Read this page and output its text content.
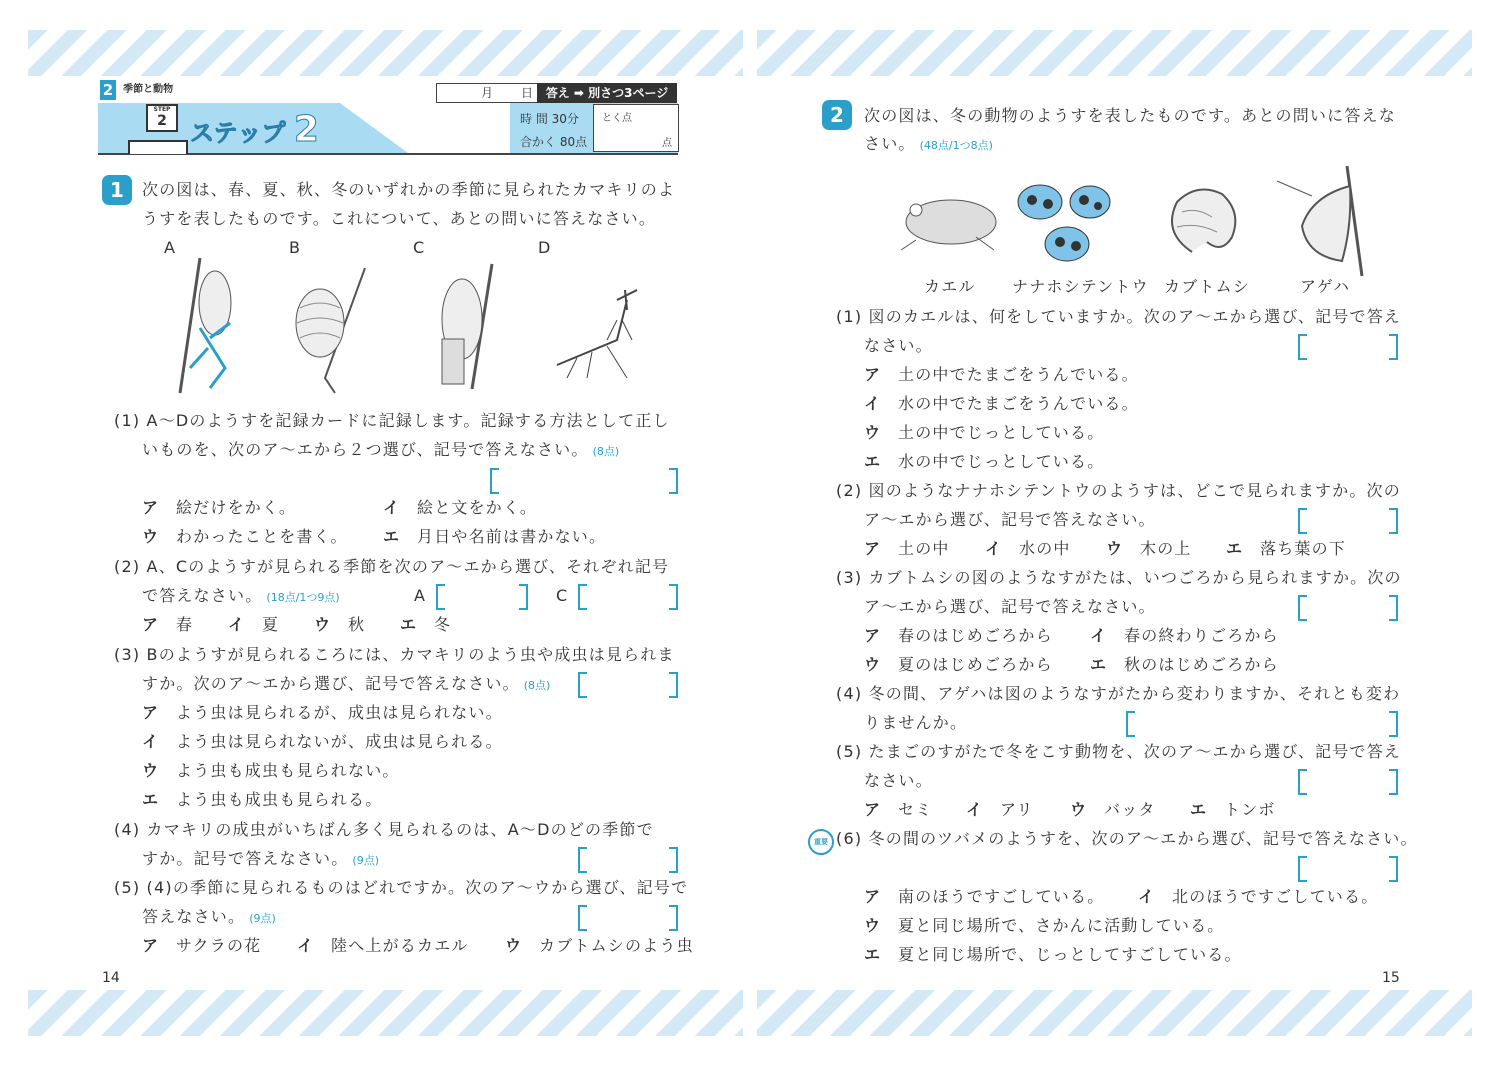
2 $^{季節と動物}$	月 日	答え ➡ 別さつ3ページ
STEP
2 ステップ 2	時 間 30分
合かく 80点
とく点
点
1	次の図は、春、夏、秋、冬のいずれかの季節に見られたカマキリのよ
うすを表したものです。これについて、あとの問いに答えなさい。
A	B	C	D
(1) A～Dのようすを記録カードに記録します。記録する方法として正し
いものを、次のア～エから２つ選び、記号で答えなさい。 (8点)
ア 絵だけをかく。	イ 絵と文をかく。
ウ わかったことを書く。 エ 月日や名前は書かない。
(2) A、Cのようすが見られる季節を次のア～エから選び、それぞれ記号
で答えなさい。 (18点/1つ9点)	A	C
ア 春 イ 夏 ウ 秋 エ 冬
(3) Bのようすが見られるころには、カマキリのよう虫や成虫は見られま
すか。次のア～エから選び、記号で答えなさい。 (8点)
ア よう虫は見られるが、成虫は見られない。
イ よう虫は見られないが、成虫は見られる。
ウ よう虫も成虫も見られない。
エ よう虫も成虫も見られる。
(4) カマキリの成虫がいちばん多く見られるのは、A～Dのどの季節で
すか。記号で答えなさい。 (9点)
(5) (4)の季節に見られるものはどれですか。次のア～ウから選び、記号で
答えなさい。 (9点)
ア サクラの花 イ 陸へ上がるカエル ウ カブトムシのよう虫
14
2	次の図は、冬の動物のようすを表したものです。あとの問いに答えな
さい。 (48点/1つ8点)
カエル ナナホシテントウ カブトムシ	アゲハ
(1) 図のカエルは、何をしていますか。次のア～エから選び、記号で答え
なさい。
ア 土の中でたまごをうんでいる。
イ 水の中でたまごをうんでいる。
ウ 土の中でじっとしている。
エ 水の中でじっとしている。
(2) 図のようなナナホシテントウのようすは、どこで見られますか。次の
ア～エから選び、記号で答えなさい。
ア 土の中 イ 水の中 ウ 木の上 エ 落ち葉の下
(3) カブトムシの図のようなすがたは、いつごろから見られますか。次の
ア～エから選び、記号で答えなさい。
ア 春のはじめごろから イ 春の終わりごろから
ウ 夏のはじめごろから エ 秋のはじめごろから
(4) 冬の間、アゲハは図のようなすがたから変わりますか、それとも変わ
りませんか。
(5) たまごのすがたで冬をこす動物を、次のア～エから選び、記号で答え
なさい。
ア セミ イ アリ ウ バッタ エ トンボ
重要 (6) 冬の間のツバメのようすを、次のア～エから選び、記号で答えなさい。
ア 南のほうですごしている。 イ 北のほうですごしている。
ウ 夏と同じ場所で、さかんに活動している。
エ 夏と同じ場所で、じっとしてすごしている。
15
